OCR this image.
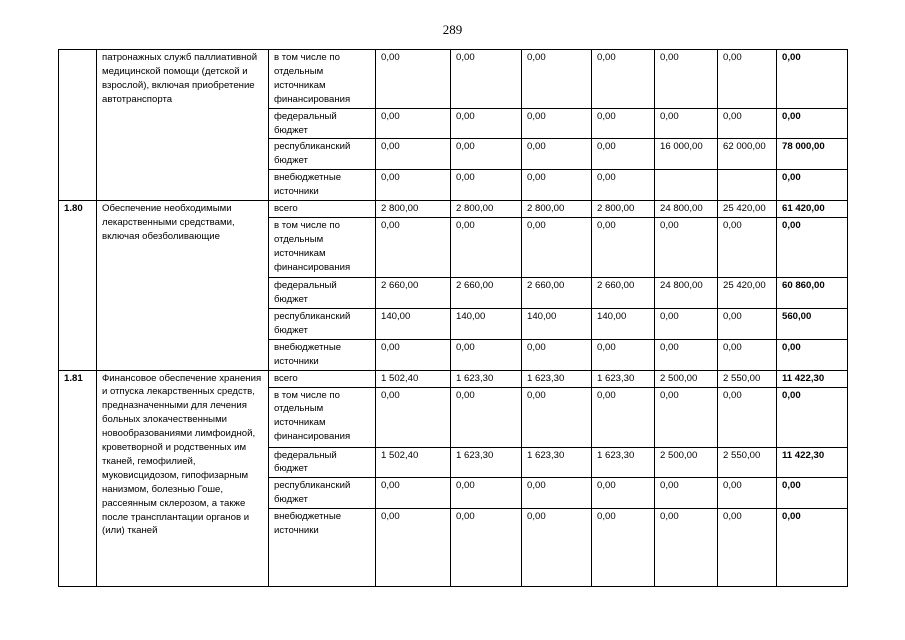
289
	патронажных служб паллиативной медицинской помощи (детской и взрослой), включая приобретение автотранспорта	в том числе по отдельным источникам финансирования	0,00	0,00	0,00	0,00	0,00	0,00	0,00
		федеральный бюджет	0,00	0,00	0,00	0,00	0,00	0,00	0,00
		республиканский бюджет	0,00	0,00	0,00	0,00	16 000,00	62 000,00	78 000,00
		внебюджетные источники	0,00	0,00	0,00	0,00			0,00
1.80	Обеспечение необходимыми лекарственными средствами, включая обезболивающие	всего	2 800,00	2 800,00	2 800,00	2 800,00	24 800,00	25 420,00	61 420,00
		в том числе по отдельным источникам финансирования	0,00	0,00	0,00	0,00	0,00	0,00	0,00
		федеральный бюджет	2 660,00	2 660,00	2 660,00	2 660,00	24 800,00	25 420,00	60 860,00
		республиканский бюджет	140,00	140,00	140,00	140,00	0,00	0,00	560,00
		внебюджетные источники	0,00	0,00	0,00	0,00	0,00	0,00	0,00
1.81	Финансовое обеспечение хранения и отпуска лекарственных средств, предназначенными для лечения больных злокачественными новообразованиями лимфоидной, кроветворной и родственных им тканей, гемофилией, муковисцидозом, гипофизарным нанизмом, болезнью Гоше, рассеянным склерозом, а также после трансплантации органов и (или) тканей	всего	1 502,40	1 623,30	1 623,30	1 623,30	2 500,00	2 550,00	11 422,30
		в том числе по отдельным источникам финансирования	0,00	0,00	0,00	0,00	0,00	0,00	0,00
		федеральный бюджет	1 502,40	1 623,30	1 623,30	1 623,30	2 500,00	2 550,00	11 422,30
		республиканский бюджет	0,00	0,00	0,00	0,00	0,00	0,00	0,00
		внебюджетные источники	0,00	0,00	0,00	0,00	0,00	0,00	0,00
